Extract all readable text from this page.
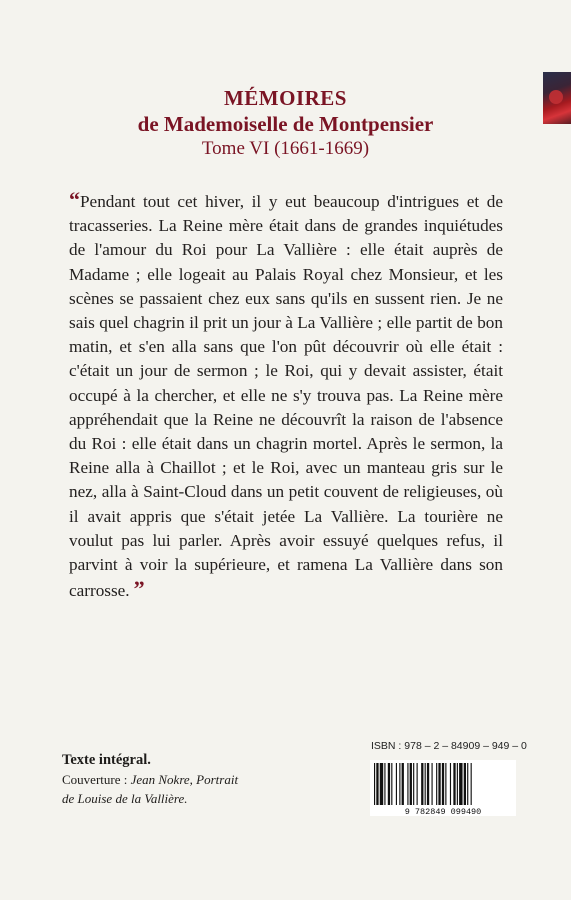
MÉMOIRES
de Mademoiselle de Montpensier
Tome VI (1661-1669)
“Pendant tout cet hiver, il y eut beaucoup d'intrigues et de tracasseries. La Reine mère était dans de grandes inquiétudes de l'amour du Roi pour La Vallière : elle était auprès de Madame ; elle logeait au Palais Royal chez Monsieur, et les scènes se passaient chez eux sans qu'ils en sussent rien. Je ne sais quel chagrin il prit un jour à La Vallière ; elle partit de bon matin, et s'en alla sans que l'on pût découvrir où elle était : c'était un jour de sermon ; le Roi, qui y devait assister, était occupé à la chercher, et elle ne s'y trouva pas. La Reine mère appréhendait que la Reine ne découvrît la raison de l'absence du Roi : elle était dans un chagrin mortel. Après le sermon, la Reine alla à Chaillot ; et le Roi, avec un manteau gris sur le nez, alla à Saint-Cloud dans un petit couvent de religieuses, où il avait appris que s'était jetée La Vallière. La tourière ne voulut pas lui parler. Après avoir essuyé quelques refus, il parvint à voir la supérieure, et ramena La Vallière dans son carrosse. ”
ISBN : 978 – 2 – 84909 – 949 – 0
9 782849 099490
Texte intégral.
Couverture : Jean Nokre, Portrait
de Louise de la Vallière.
